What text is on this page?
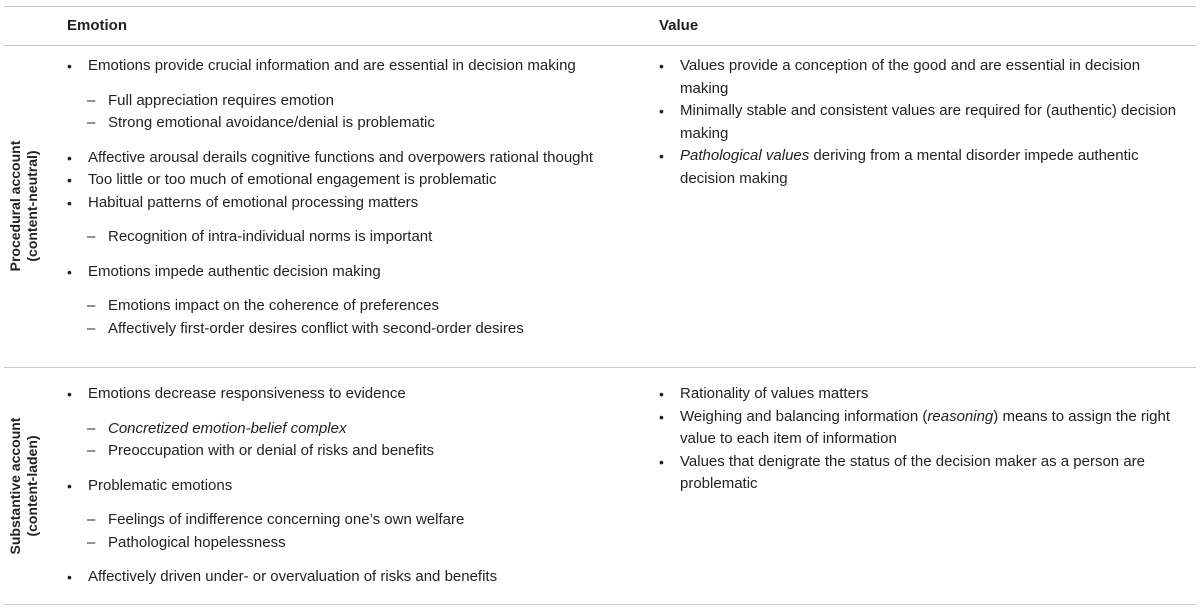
Emotion	Value
Procedural account (content-neutral)
• Emotions provide crucial information and are essential in decision making
– Full appreciation requires emotion
– Strong emotional avoidance/denial is problematic
• Affective arousal derails cognitive functions and overpowers rational thought
• Too little or too much of emotional engagement is problematic
• Habitual patterns of emotional processing matters
– Recognition of intra-individual norms is important
• Emotions impede authentic decision making
– Emotions impact on the coherence of preferences
– Affectively first-order desires conflict with second-order desires
• Values provide a conception of the good and are essential in decision making
• Minimally stable and consistent values are required for (authentic) decision making
• Pathological values deriving from a mental disorder impede authentic decision making
Substantive account (content-laden)
• Emotions decrease responsiveness to evidence
– Concretized emotion-belief complex
– Preoccupation with or denial of risks and benefits
• Problematic emotions
– Feelings of indifference concerning one’s own welfare
– Pathological hopelessness
• Affectively driven under- or overvaluation of risks and benefits
• Rationality of values matters
• Weighing and balancing information (reasoning) means to assign the right value to each item of information
• Values that denigrate the status of the decision maker as a person are problematic
